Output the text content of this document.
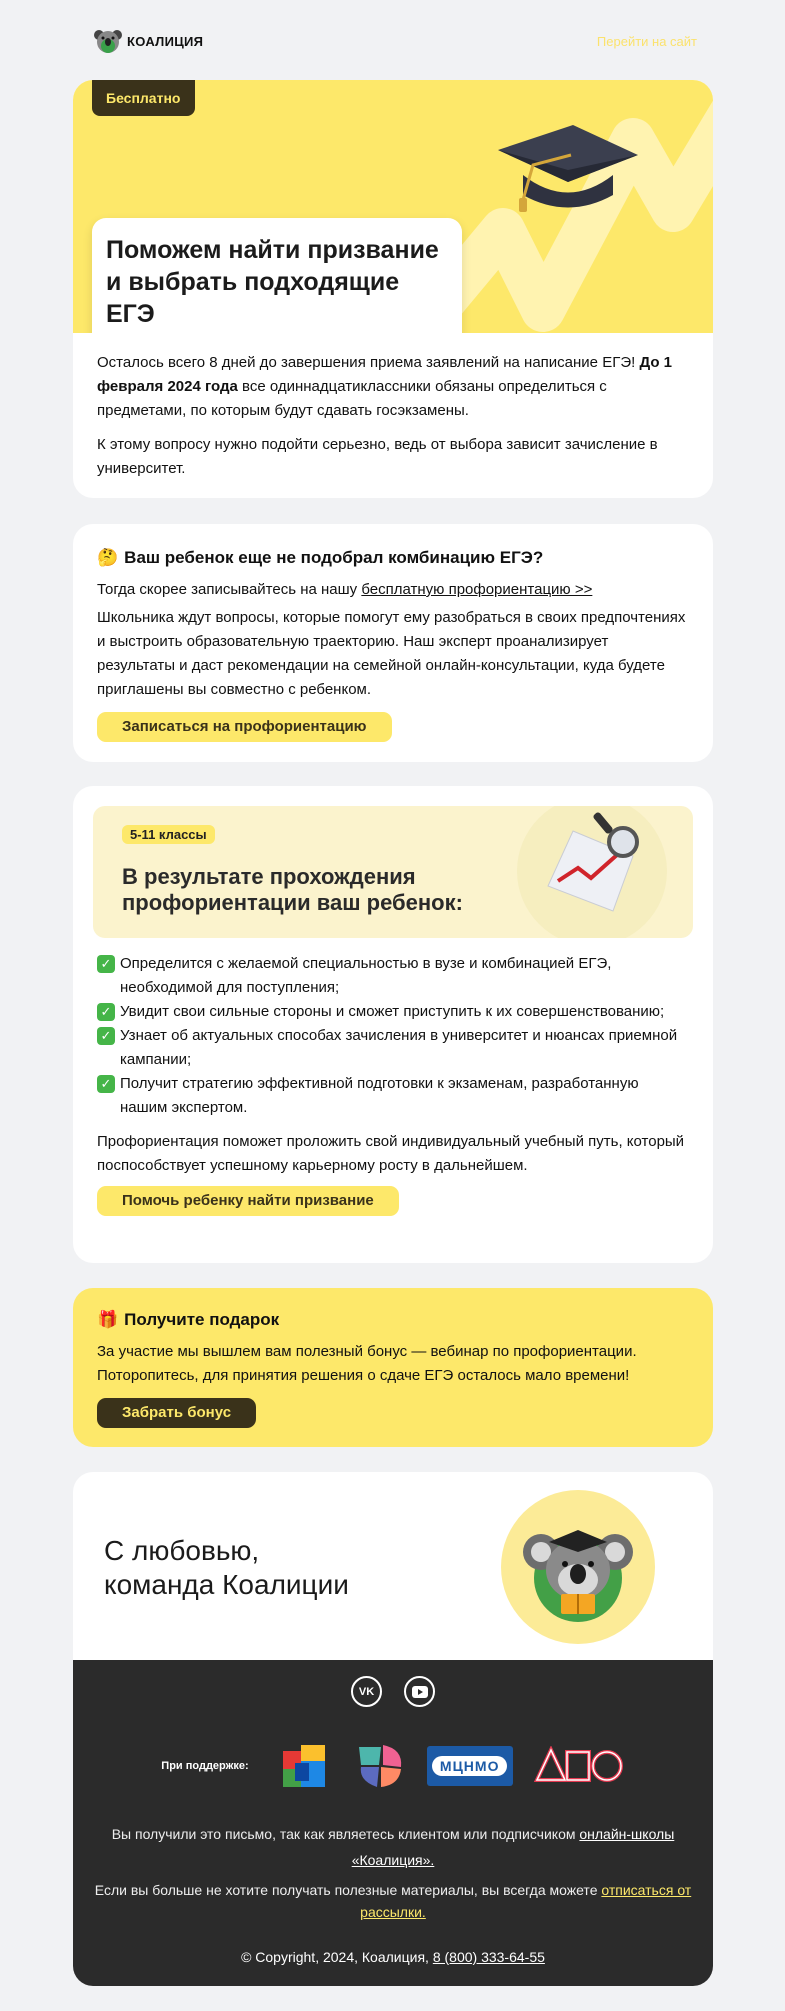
КОАЛИЦИЯ	Перейти на сайт
Бесплатно
Поможем найти призвание
и выбрать подходящие ЕГЭ

Осталось всего 8 дней до завершения приема заявлений на написание ЕГЭ! До 1 февраля 2024 года все одиннадцатиклассники обязаны определиться с предметами, по которым будут сдавать госэкзамены.

К этому вопросу нужно подойти серьезно, ведь от выбора зависит зачисление в университет.

🤔 Ваш ребенок еще не подобрал комбинацию ЕГЭ?

Тогда скорее записывайтесь на нашу бесплатную профориентацию >>

Школьника ждут вопросы, которые помогут ему разобраться в своих предпочтениях и выстроить образовательную траекторию. Наш эксперт проанализирует результаты и даст рекомендации на семейной онлайн-консультации, куда будете приглашены вы совместно с ребенком.

Записаться на профориентацию
5-11 классы
В результате прохождения
профориентации ваш ребенок:
✓ Определится с желаемой специальностью в вузе и комбинацией ЕГЭ, необходимой для поступления;
✓ Увидит свои сильные стороны и сможет приступить к их совершенствованию;
✓ Узнает об актуальных способах зачисления в университет и нюансах приемной кампании;
✓ Получит стратегию эффективной подготовки к экзаменам, разработанную нашим экспертом.

Профориентация поможет проложить свой индивидуальный учебный путь, который поспособствует успешному карьерному росту в дальнейшем.

Помочь ребенку найти призвание
🎁 Получите подарок

За участие мы вышлем вам полезный бонус — вебинар по профориентации. Поторопитесь, для принятия решения о сдаче ЕГЭ осталось мало времени!

Забрать бонус
С любовью,
команда Коалиции
VK
При поддержке:	МЦНМО

Вы получили это письмо, так как являетесь клиентом или подписчиком онлайн-школы «Коалиция».

Если вы больше не хотите получать полезные материалы, вы всегда можете отписаться от рассылки.

© Copyright, 2024, Коалиция, 8 (800) 333-64-55
